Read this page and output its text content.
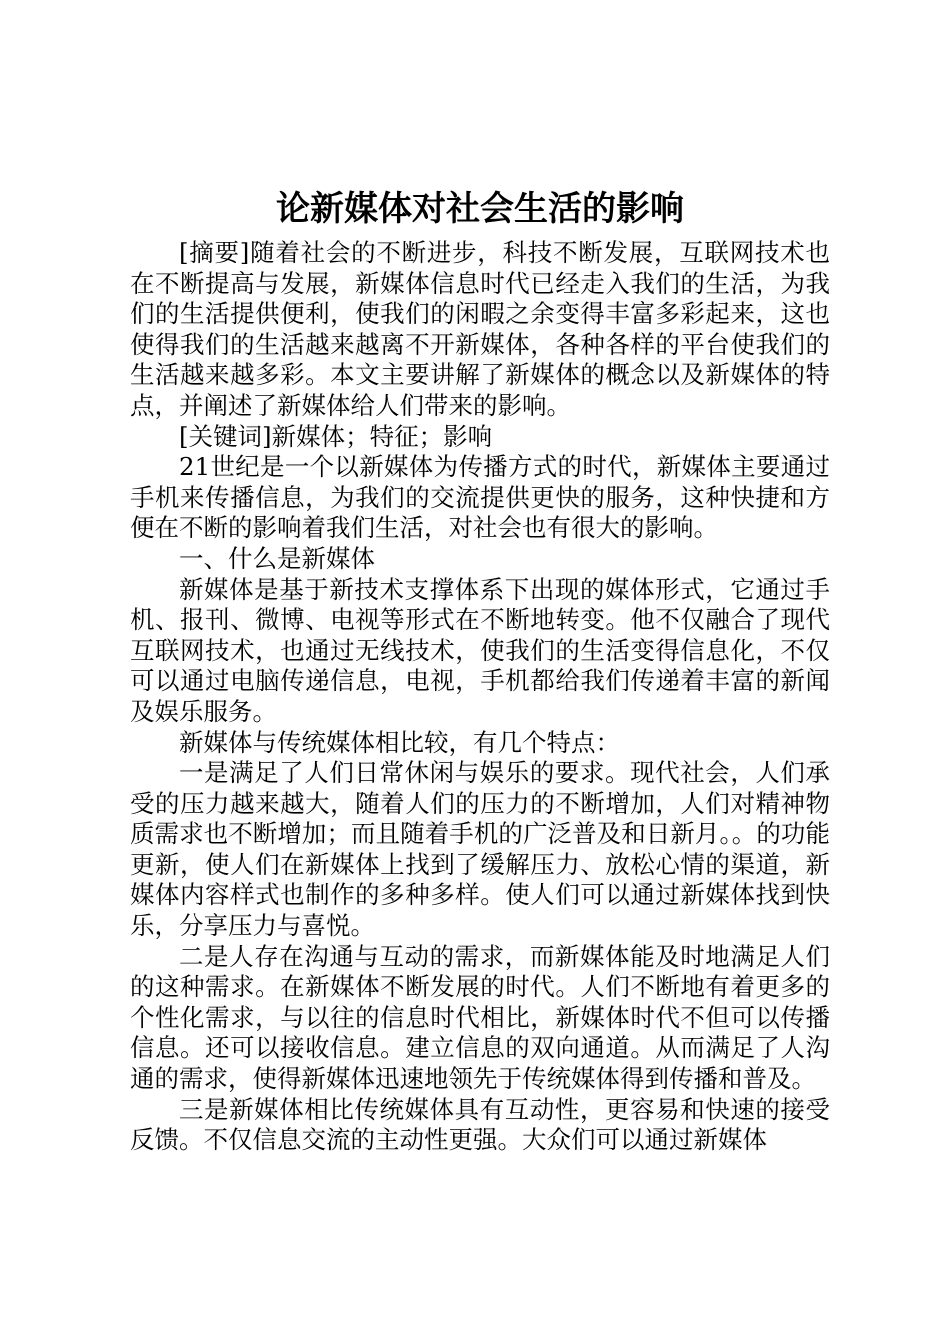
论新媒体对社会生活的影响

[摘要]随着社会的不断进步，科技不断发展，互联网技术也在不断提高与发展，新媒体信息时代已经走入我们的生活，为我们的生活提供便利，使我们的闲暇之余变得丰富多彩起来，这也使得我们的生活越来越离不开新媒体，各种各样的平台使我们的生活越来越多彩。本文主要讲解了新媒体的概念以及新媒体的特点，并阐述了新媒体给人们带来的影响。

[关键词]新媒体；特征；影响

21世纪是一个以新媒体为传播方式的时代，新媒体主要通过手机来传播信息，为我们的交流提供更快的服务，这种快捷和方便在不断的影响着我们生活，对社会也有很大的影响。

一、什么是新媒体

新媒体是基于新技术支撑体系下出现的媒体形式，它通过手机、报刊、微博、电视等形式在不断地转变。他不仅融合了现代互联网技术，也通过无线技术，使我们的生活变得信息化，不仅可以通过电脑传递信息，电视，手机都给我们传递着丰富的新闻及娱乐服务。

新媒体与传统媒体相比较，有几个特点：

一是满足了人们日常休闲与娱乐的要求。现代社会，人们承受的压力越来越大，随着人们的压力的不断增加，人们对精神物质需求也不断增加；而且随着手机的广泛普及和日新月。。的功能更新，使人们在新媒体上找到了缓解压力、放松心情的渠道，新媒体内容样式也制作的多种多样。使人们可以通过新媒体找到快乐，分享压力与喜悦。

二是人存在沟通与互动的需求，而新媒体能及时地满足人们的这种需求。在新媒体不断发展的时代。人们不断地有着更多的个性化需求，与以往的信息时代相比，新媒体时代不但可以传播信息。还可以接收信息。建立信息的双向通道。从而满足了人沟通的需求，使得新媒体迅速地领先于传统媒体得到传播和普及。

三是新媒体相比传统媒体具有互动性，更容易和快速的接受反馈。不仅信息交流的主动性更强。大众们可以通过新媒体
